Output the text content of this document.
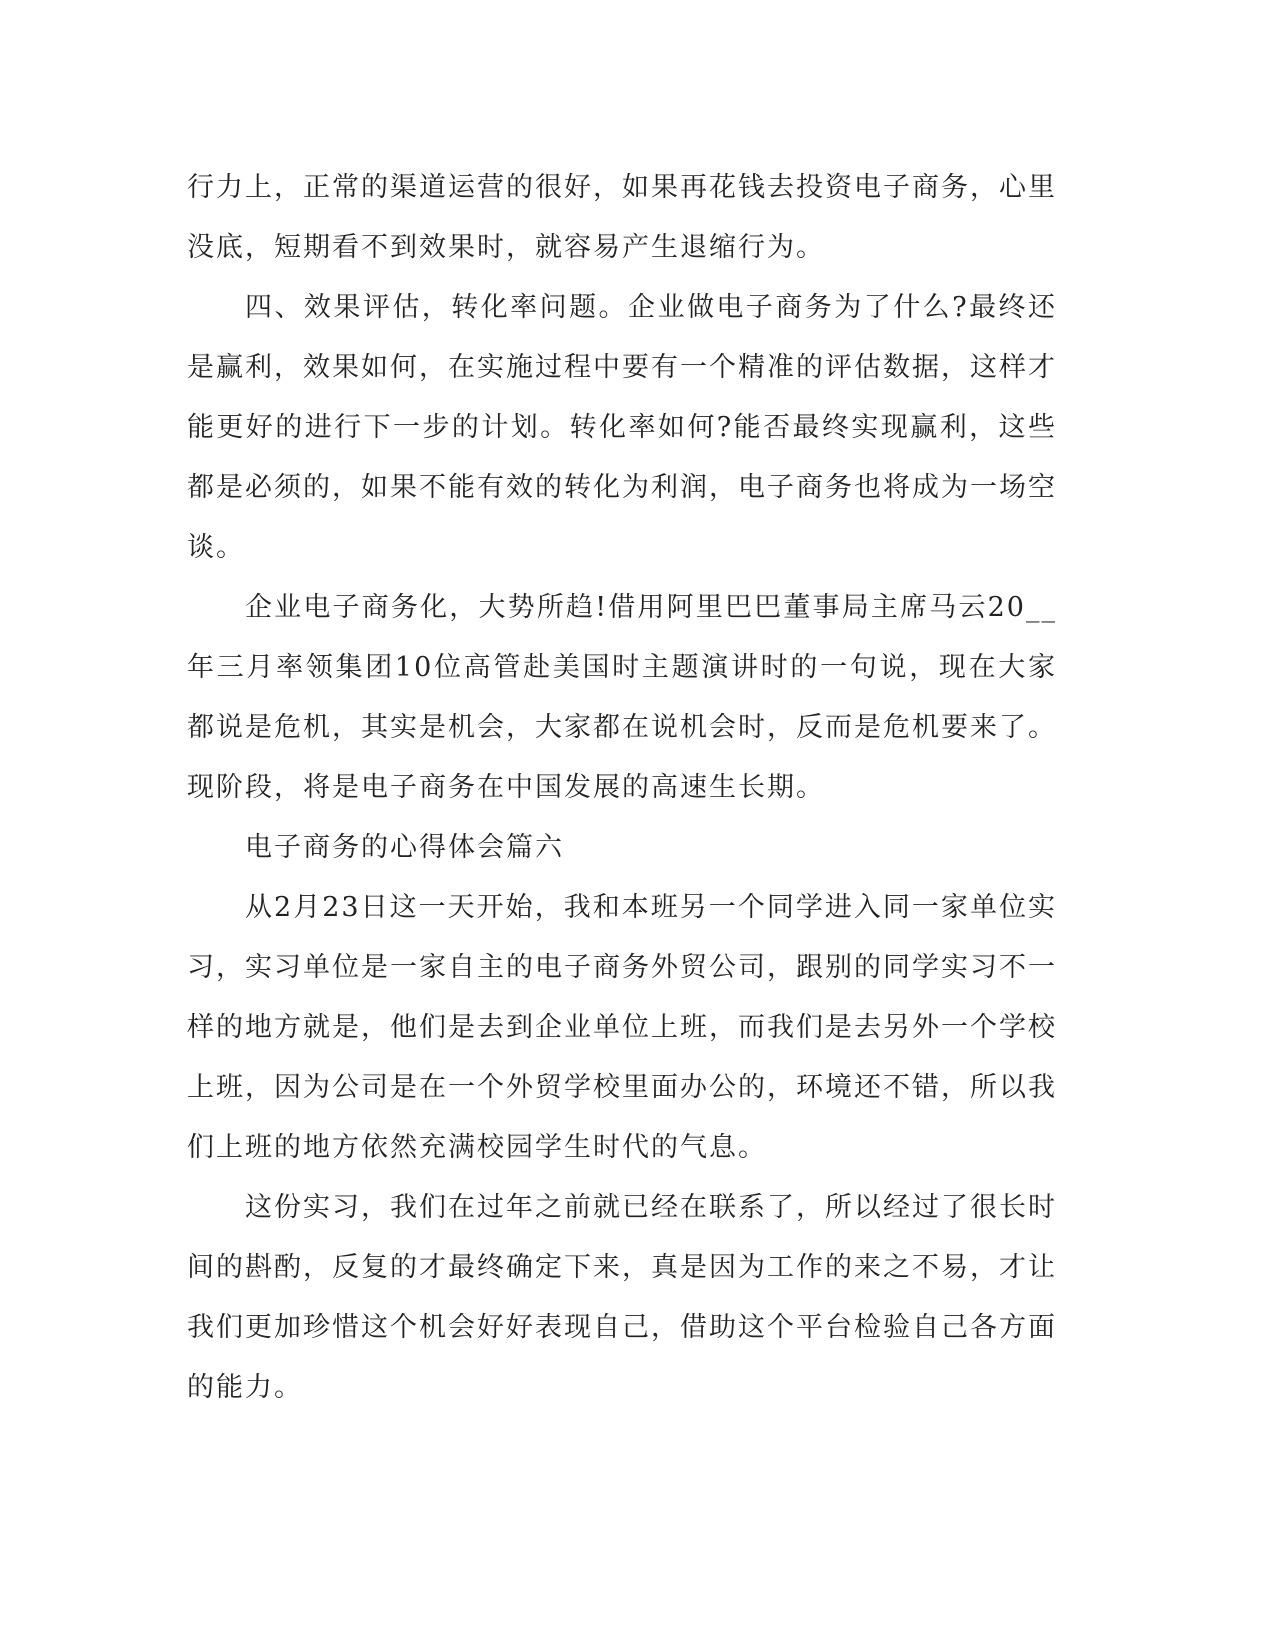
行力上，正常的渠道运营的很好，如果再花钱去投资电子商务，心里没底，短期看不到效果时，就容易产生退缩行为。

四、效果评估，转化率问题。企业做电子商务为了什么?最终还是赢利，效果如何，在实施过程中要有一个精准的评估数据，这样才能更好的进行下一步的计划。转化率如何?能否最终实现赢利，这些都是必须的，如果不能有效的转化为利润，电子商务也将成为一场空谈。

企业电子商务化，大势所趋!借用阿里巴巴董事局主席马云20__年三月率领集团10位高管赴美国时主题演讲时的一句说，现在大家都说是危机，其实是机会，大家都在说机会时，反而是危机要来了。现阶段，将是电子商务在中国发展的高速生长期。

电子商务的心得体会篇六

从2月23日这一天开始，我和本班另一个同学进入同一家单位实习，实习单位是一家自主的电子商务外贸公司，跟别的同学实习不一样的地方就是，他们是去到企业单位上班，而我们是去另外一个学校上班，因为公司是在一个外贸学校里面办公的，环境还不错，所以我们上班的地方依然充满校园学生时代的气息。

这份实习，我们在过年之前就已经在联系了，所以经过了很长时间的斟酌，反复的才最终确定下来，真是因为工作的来之不易，才让我们更加珍惜这个机会好好表现自己，借助这个平台检验自己各方面的能力。
